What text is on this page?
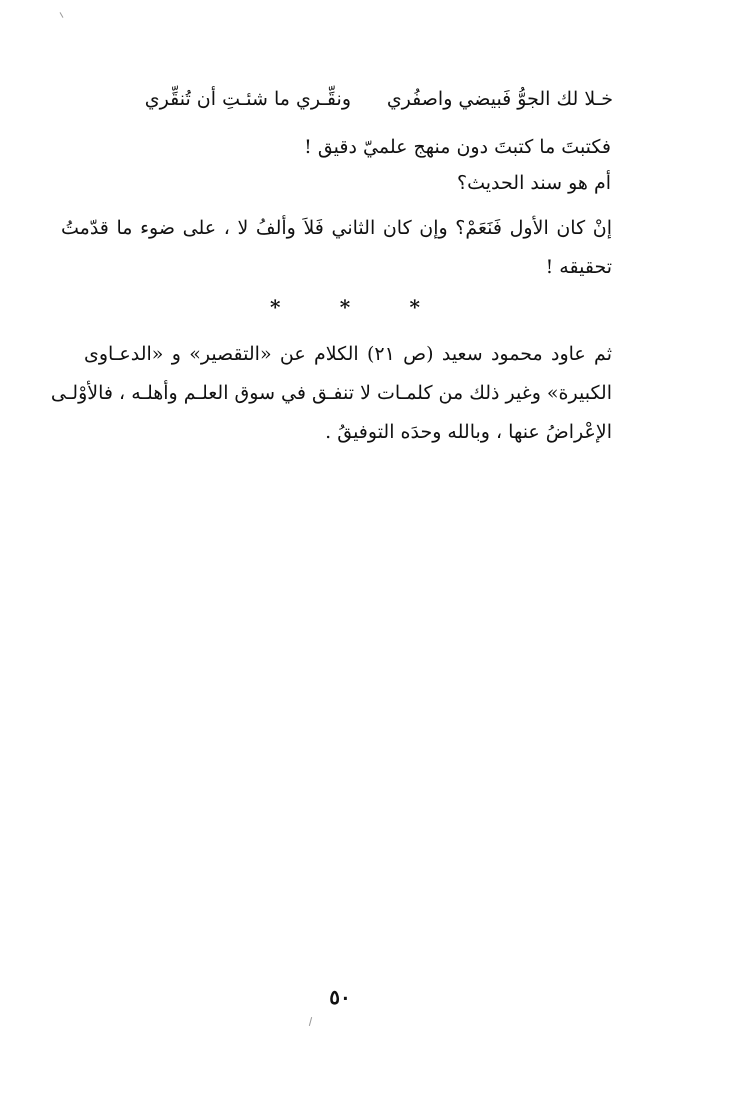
خـلا لك الجوُّ فَبيضي واصفُري
ونقِّـري ما شئـتِ أن تُنقِّري
فكتبتَ ما كتبتَ دون منهج علميّ دقيق !
أم هو سند الحديث؟
إنْ كان الأول فَنَعَمْ؟ وإن كان الثاني فَلاَ وألفُ لا ، على ضوء ما قدّمتُ
تحقيقه !
*	*	*
ثم عاود محمود سعيد (ص ٢١) الكلام عن «التقصير» و «الدعـاوى
الكبيرة» وغير ذلك من كلمـات لا تنفـق في سوق العلـم وأهلـه ، فالأوْلـى
الإعْراضُ عنها ، وبالله وحدَه التوفيقُ .
٥٠
